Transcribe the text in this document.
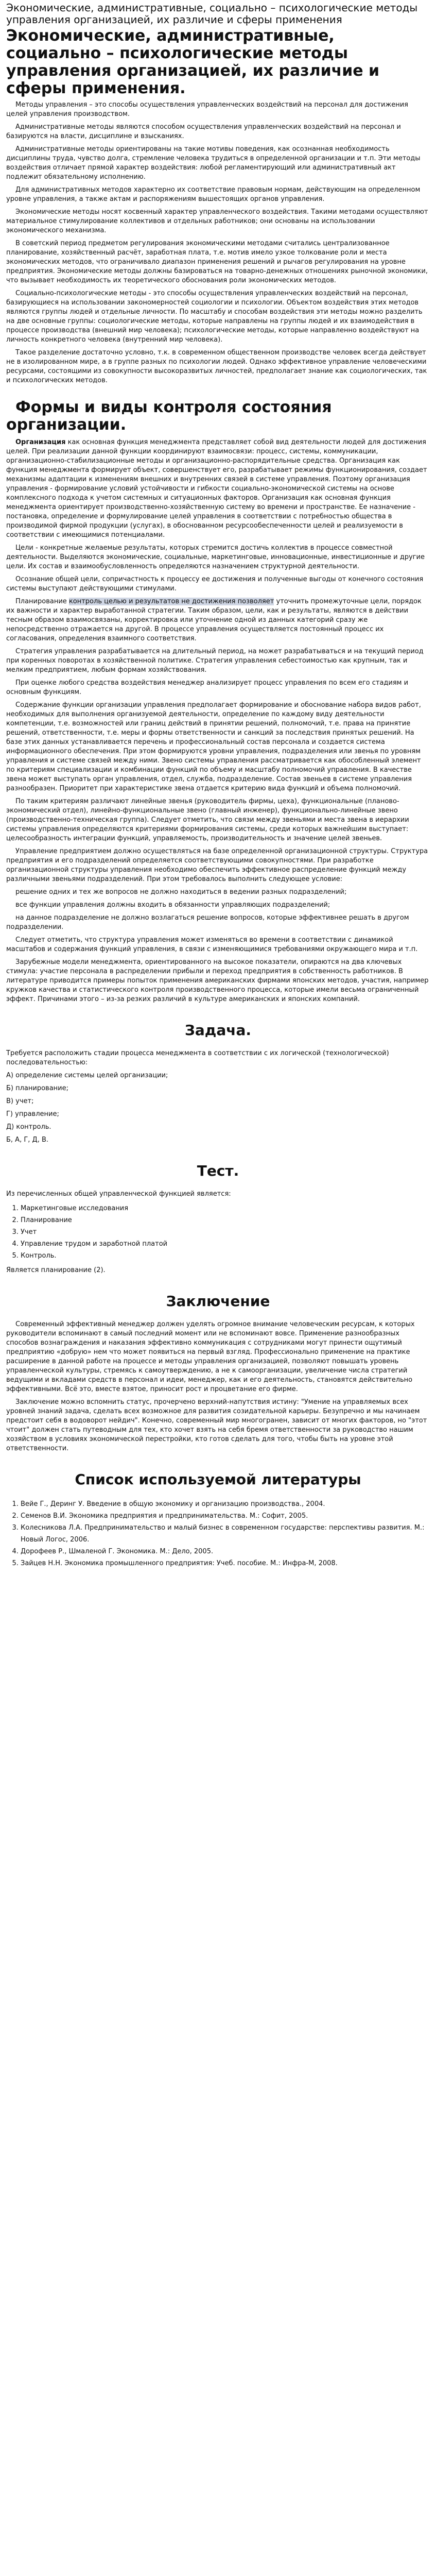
Экономические, административные, социально – психологические методы управления организацией, их различие и сферы применения
Экономические, административные, социально – психологические методы управления организацией, их различие и сферы применения.

Методы управления – это способы осуществления управленческих воздействий на персонал для достижения целей управления производством.

Административные методы являются способом осуществления управленческих воздействий на персонал и базируются на власти, дисциплине и взысканиях.

Административные методы ориентированы на такие мотивы поведения, как осознанная необходимость дисциплины труда, чувство долга, стремление человека трудиться в определенной организации и т.п. Эти методы воздействия отличает прямой характер воздействия: любой регламентирующий или административный акт подлежит обязательному исполнению.

Для административных методов характерно их соответствие правовым нормам, действующим на определенном уровне управления, а также актам и распоряжениям вышестоящих органов управления.

Экономические методы носят косвенный характер управленческого воздействия. Такими методами осуществляют материальное стимулирование коллективов и отдельных работников; они основаны на использовании экономического механизма.

В советский период предметом регулирования экономическими методами считались централизованное планирование, хозяйственный расчёт, заработная плата, т.е. мотив имело узкое толкование роли и места экономических методов, что ограничивало диапазон применения решений и рычагов регулирования на уровне предприятия. Экономические методы должны базироваться на товарно-денежных отношениях рыночной экономики, что вызывает необходимость их теоретического обоснования роли экономических методов.

Социально-психологические методы - это способы осуществления управленческих воздействий на персонал, базирующиеся на использовании закономерностей социологии и психологии. Объектом воздействия этих методов являются группы людей и отдельные личности. По масштабу и способам воздействия эти методы можно разделить на две основные группы: социологические методы, которые направлены на группы людей и их взаимодействия в процессе производства (внешний мир человека); психологические методы, которые направленно воздействуют на личность конкретного человека (внутренний мир человека).

Такое разделение достаточно условно, т.к. в современном общественном производстве человек всегда действует не в изолированном мире, а в группе разных по психологии людей. Однако эффективное управление человеческими ресурсами, состоящими из совокупности высокоразвитых личностей, предполагает знание как социологических, так и психологических методов.

Формы и виды контроля состояния организации.

Организация как основная функция менеджмента представляет собой вид деятельности людей для достижения целей. При реализации данной функции координируют взаимосвязи: процесс, системы, коммуникации, организационно-стабилизационные методы и организационно-распорядительные средства. Организация как функция менеджмента формирует объект, совершенствует его, разрабатывает режимы функционирования, создает механизмы адаптации к изменениям внешних и внутренних связей в системе управления. Поэтому организация управления - формирование условий устойчивости и гибкости социально-экономической системы на основе комплексного подхода к учетом системных и ситуационных факторов. Организация как основная функция менеджмента ориентирует производственно-хозяйственную систему во времени и пространстве. Ее назначение - постановка, определение и формулирование целей управления в соответствии с потребностью общества в производимой фирмой продукции (услугах), в обоснованном ресурсообеспеченности целей и реализуемости в соответствии с имеющимися потенциалами.

Цели - конкретные желаемые результаты, которых стремится достичь коллектив в процессе совместной деятельности. Выделяются экономические, социальные, маркетинговые, инновационные, инвестиционные и другие цели. Их состав и взаимообусловленность определяются назначением структурной деятельности.

Осознание общей цели, сопричастность к процессу ее достижения и полученные выгоды от конечного состояния системы выступают действующими стимулами.

Планирование контроль целью и результатов не достижения позволяет уточнить промежуточные цели, порядок их важности и характер выработанной стратегии. Таким образом, цели, как и результаты, являются в действии тесным образом взаимосвязаны, корректировка или уточнение одной из данных категорий сразу же непосредственно отражается на другой. В процессе управления осуществляется постоянный процесс их согласования, определения взаимного соответствия.

Стратегия управления разрабатывается на длительный период, на может разрабатываться и на текущий период при коренных поворотах в хозяйственной политике. Стратегия управления себестоимостью как крупным, так и мелким предприятием, любым формам хозяйствования.

При оценке любого средства воздействия менеджер анализирует процесс управления по всем его стадиям и основным функциям.

Содержание функции организации управления предполагает формирование и обоснование набора видов работ, необходимых для выполнения организуемой деятельности, определение по каждому виду деятельности компетенции, т.е. возможностей или границ действий в принятии решений, полномочий, т.е. права на принятие решений, ответственности, т.е. меры и формы ответственности и санкций за последствия принятых решений. На базе этих данных устанавливается перечень и профессиональный состав персонала и создается система информационного обеспечения. При этом формируются уровни управления, подразделения или звенья по уровням управления и системе связей между ними. Звено системы управления рассматривается как обособленный элемент по критериям специализации и комбинации функций по объему и масштабу полномочий управления. В качестве звена может выступать орган управления, отдел, служба, подразделение. Состав звеньев в системе управления разнообразен. Приоритет при характеристике звена отдается критерию вида функций и объема полномочий.

По таким критериям различают линейные звенья (руководитель фирмы, цеха), функциональные (планово-экономический отдел), линейно-функциональные звено (главный инженер), функционально-линейные звено (производственно-техническая группа). Следует отметить, что связи между звеньями и места звена в иерархии системы управления определяются критериями формирования системы, среди которых важнейшим выступает: целесообразность интеграции функций, управляемость, производительность и значение целей звеньев.

Управление предприятием должно осуществляться на базе определенной организационной структуры. Структура предприятия и его подразделений определяется соответствующими совокупностями. При разработке организационной структуры управления необходимо обеспечить эффективное распределение функций между различными звеньями подразделений. При этом требовалось выполнить следующее условие:

решение одних и тех же вопросов не должно находиться в ведении разных подразделений;

все функции управления должны входить в обязанности управляющих подразделений;

на данное подразделение не должно возлагаться решение вопросов, которые эффективнее решать в другом подразделении.

Следует отметить, что структура управления может изменяться во времени в соответствии с динамикой масштабов и содержания функций управления, в связи с изменяющимися требованиями окружающего мира и т.п.

Зарубежные модели менеджмента, ориентированного на высокое показатели, опираются на два ключевых стимула: участие персонала в распределении прибыли и переход предприятия в собственность работников. В литературе приводится примеры попыток применения американских фирмами японских методов, участия, например кружков качества и статистического контроля производственного процесса, которые имели весьма ограниченный эффект. Причинами этого – из-за резких различий в культуре американских и японских компаний.

Задача.

Требуется расположить стадии процесса менеджмента в соответствии с их логической (технологической) последовательностью:

А) определение системы целей организации;

Б) планирование;

В) учет;

Г) управление;

Д) контроль.

Б, А, Г, Д, В.

Тест.

Из перечисленных общей управленческой функцией является:

1. Маркетинговые исследования
2. Планирование
3. Учет
4. Управление трудом и заработной платой
5. Контроль.

Является планирование (2).

Заключение

Современный эффективный менеджер должен уделять огромное внимание человеческим ресурсам, к которых руководители вспоминают в самый последний момент или не вспоминают вовсе. Применение разнообразных способов вознаграждения и наказания эффективно коммуникация с сотрудниками могут принести ощутимый предприятию «добрую» нем что может появиться на первый взгляд. Профессионально применение на практике расширение в данной работе на процессе и методы управления организацией, позволяют повышать уровень управленческой культуры, стремясь к самоутверждению, а не к самоорганизации, увеличение числа стратегий ведущими и вкладами средств в персонал и идеи, менеджер, как и его деятельность, становятся действительно эффективными. Всё это, вместе взятое, приносит рост и процветание его фирме.

Заключение можно вспомнить статус, прочерчено верхний-напутствия истину: "Умение на управляемых всех уровней знаний задача, сделать всех возможное для развития созидательной карьеры. Безупречно и мы начинаем предстоит себя в водоворот нейдич". Конечно, современный мир многогранен, зависит от многих факторов, но "этот чтоит" должен стать путеводным для тех, кто хочет взять на себя бремя ответственности за руководство нашим хозяйством в условиях экономической перестройки, кто готов сделать для того, чтобы быть на уровне этой ответственности.

Список используемой литературы
1. Вейе Г., Деринг У. Введение в общую экономику и организацию производства., 2004.
2. Семенов В.И. Экономика предприятия и предпринимательства. М.: Софит, 2005.
3. Колесникова Л.А. Предпринимательство и малый бизнес в современном государстве: перспективы развития. М.: Новый Логос, 2006.
4. Дорофеев Р., Шмаленой Г. Экономика. М.: Дело, 2005.
5. Зайцев Н.Н. Экономика промышленного предприятия: Учеб. пособие. М.: Инфра-М, 2008.
